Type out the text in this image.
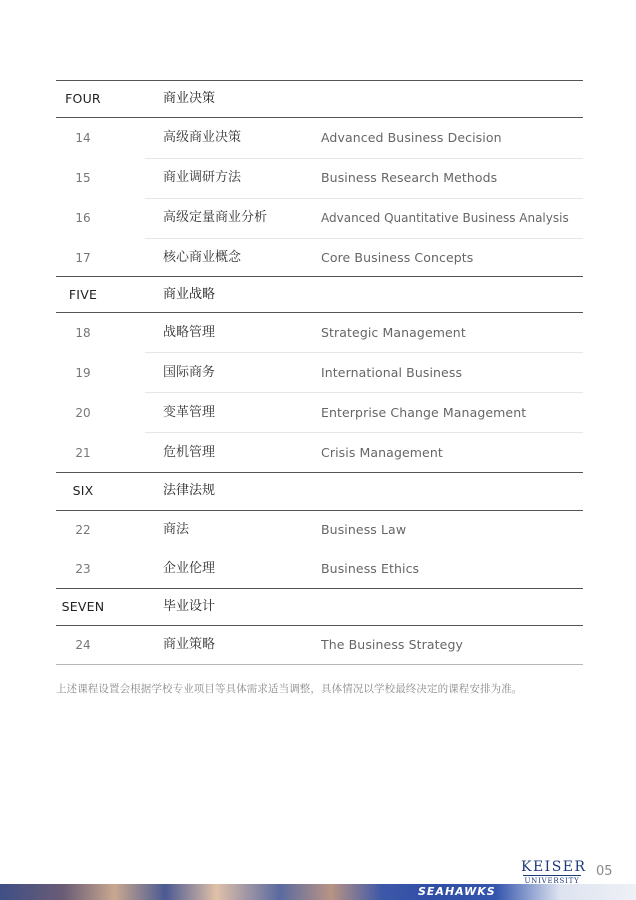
FOUR	商业决策
14	高级商业决策	Advanced Business Decision
15	商业调研方法	Business Research Methods
16	高级定量商业分析	Advanced Quantitative Business Analysis
17	核心商业概念	Core Business Concepts
FIVE	商业战略
18	战略管理	Strategic Management
19	国际商务	International Business
20	变革管理	Enterprise Change Management
21	危机管理	Crisis Management
SIX	法律法规
22	商法	Business Law
23	企业伦理	Business Ethics
SEVEN	毕业设计
24	商业策略	The Business Strategy
上述课程设置会根据学校专业项目等具体需求适当调整，具体情况以学校最终决定的课程安排为准。
SEAHAWKS
KEISER
UNIVERSITY
05
